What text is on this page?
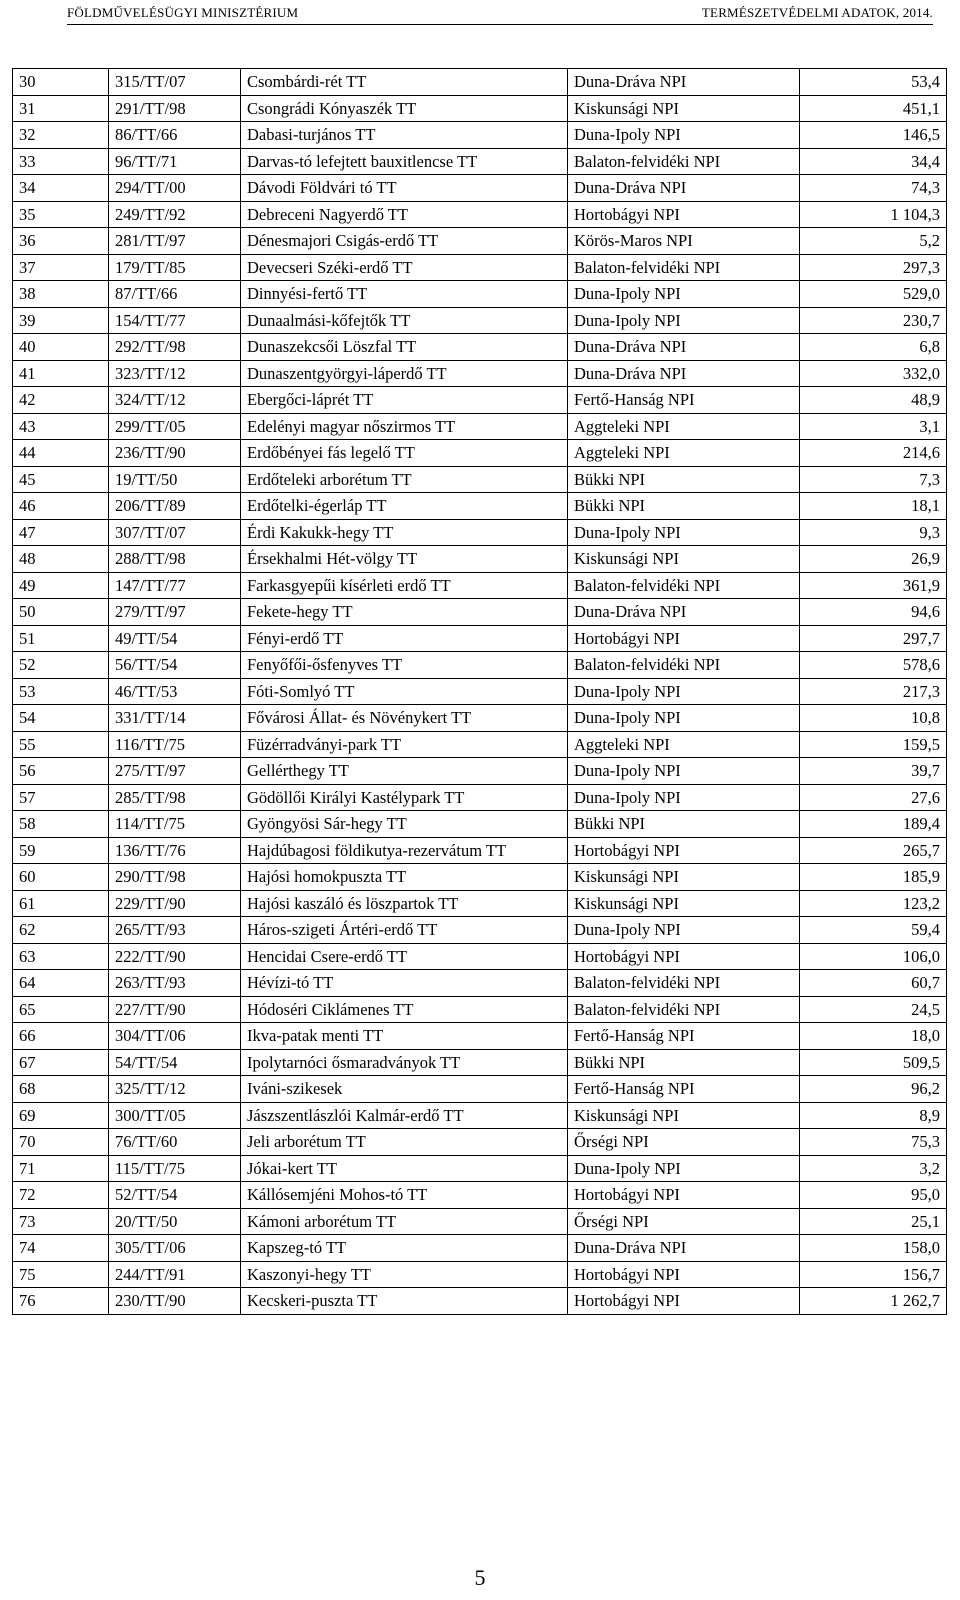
FÖLDMŰVELÉSÜGYI MINISZTÉRIUM	TERMÉSZETVÉDELMI ADATOK, 2014.
30	315/TT/07	Csombárdi-rét TT	Duna-Dráva NPI	53,4
31	291/TT/98	Csongrádi Kónyaszék TT	Kiskunsági NPI	451,1
32	86/TT/66	Dabasi-turjános TT	Duna-Ipoly NPI	146,5
33	96/TT/71	Darvas-tó lefejtett bauxitlencse TT	Balaton-felvidéki NPI	34,4
34	294/TT/00	Dávodi Földvári tó TT	Duna-Dráva NPI	74,3
35	249/TT/92	Debreceni Nagyerdő TT	Hortobágyi NPI	1 104,3
36	281/TT/97	Dénesmajori Csigás-erdő TT	Körös-Maros NPI	5,2
37	179/TT/85	Devecseri Széki-erdő TT	Balaton-felvidéki NPI	297,3
38	87/TT/66	Dinnyési-fertő TT	Duna-Ipoly NPI	529,0
39	154/TT/77	Dunaalmási-kőfejtők TT	Duna-Ipoly NPI	230,7
40	292/TT/98	Dunaszekcsői Löszfal TT	Duna-Dráva NPI	6,8
41	323/TT/12	Dunaszentgyörgyi-láperdő TT	Duna-Dráva NPI	332,0
42	324/TT/12	Ebergőci-láprét TT	Fertő-Hanság NPI	48,9
43	299/TT/05	Edelényi magyar nőszirmos TT	Aggteleki NPI	3,1
44	236/TT/90	Erdőbényei fás legelő TT	Aggteleki NPI	214,6
45	19/TT/50	Erdőteleki arborétum TT	Bükki NPI	7,3
46	206/TT/89	Erdőtelki-égerláp TT	Bükki NPI	18,1
47	307/TT/07	Érdi Kakukk-hegy TT	Duna-Ipoly NPI	9,3
48	288/TT/98	Érsekhalmi Hét-völgy TT	Kiskunsági NPI	26,9
49	147/TT/77	Farkasgyepűi kísérleti erdő TT	Balaton-felvidéki NPI	361,9
50	279/TT/97	Fekete-hegy TT	Duna-Dráva NPI	94,6
51	49/TT/54	Fényi-erdő TT	Hortobágyi NPI	297,7
52	56/TT/54	Fenyőfői-ősfenyves TT	Balaton-felvidéki NPI	578,6
53	46/TT/53	Fóti-Somlyó TT	Duna-Ipoly NPI	217,3
54	331/TT/14	Fővárosi Állat- és Növénykert TT	Duna-Ipoly NPI	10,8
55	116/TT/75	Füzérradványi-park TT	Aggteleki NPI	159,5
56	275/TT/97	Gellérthegy TT	Duna-Ipoly NPI	39,7
57	285/TT/98	Gödöllői Királyi Kastélypark TT	Duna-Ipoly NPI	27,6
58	114/TT/75	Gyöngyösi Sár-hegy TT	Bükki NPI	189,4
59	136/TT/76	Hajdúbagosi földikutya-rezervátum TT	Hortobágyi NPI	265,7
60	290/TT/98	Hajósi homokpuszta TT	Kiskunsági NPI	185,9
61	229/TT/90	Hajósi kaszáló és löszpartok TT	Kiskunsági NPI	123,2
62	265/TT/93	Háros-szigeti Ártéri-erdő TT	Duna-Ipoly NPI	59,4
63	222/TT/90	Hencidai Csere-erdő TT	Hortobágyi NPI	106,0
64	263/TT/93	Hévízi-tó TT	Balaton-felvidéki NPI	60,7
65	227/TT/90	Hódoséri Ciklámenes TT	Balaton-felvidéki NPI	24,5
66	304/TT/06	Ikva-patak menti TT	Fertő-Hanság NPI	18,0
67	54/TT/54	Ipolytarnóci ősmaradványok TT	Bükki NPI	509,5
68	325/TT/12	Iváni-szikesek	Fertő-Hanság NPI	96,2
69	300/TT/05	Jászszentlászlói Kalmár-erdő TT	Kiskunsági NPI	8,9
70	76/TT/60	Jeli arborétum TT	Őrségi NPI	75,3
71	115/TT/75	Jókai-kert TT	Duna-Ipoly NPI	3,2
72	52/TT/54	Kállósemjéni Mohos-tó TT	Hortobágyi NPI	95,0
73	20/TT/50	Kámoni arborétum TT	Őrségi NPI	25,1
74	305/TT/06	Kapszeg-tó TT	Duna-Dráva NPI	158,0
75	244/TT/91	Kaszonyi-hegy TT	Hortobágyi NPI	156,7
76	230/TT/90	Kecskeri-puszta TT	Hortobágyi NPI	1 262,7
5
